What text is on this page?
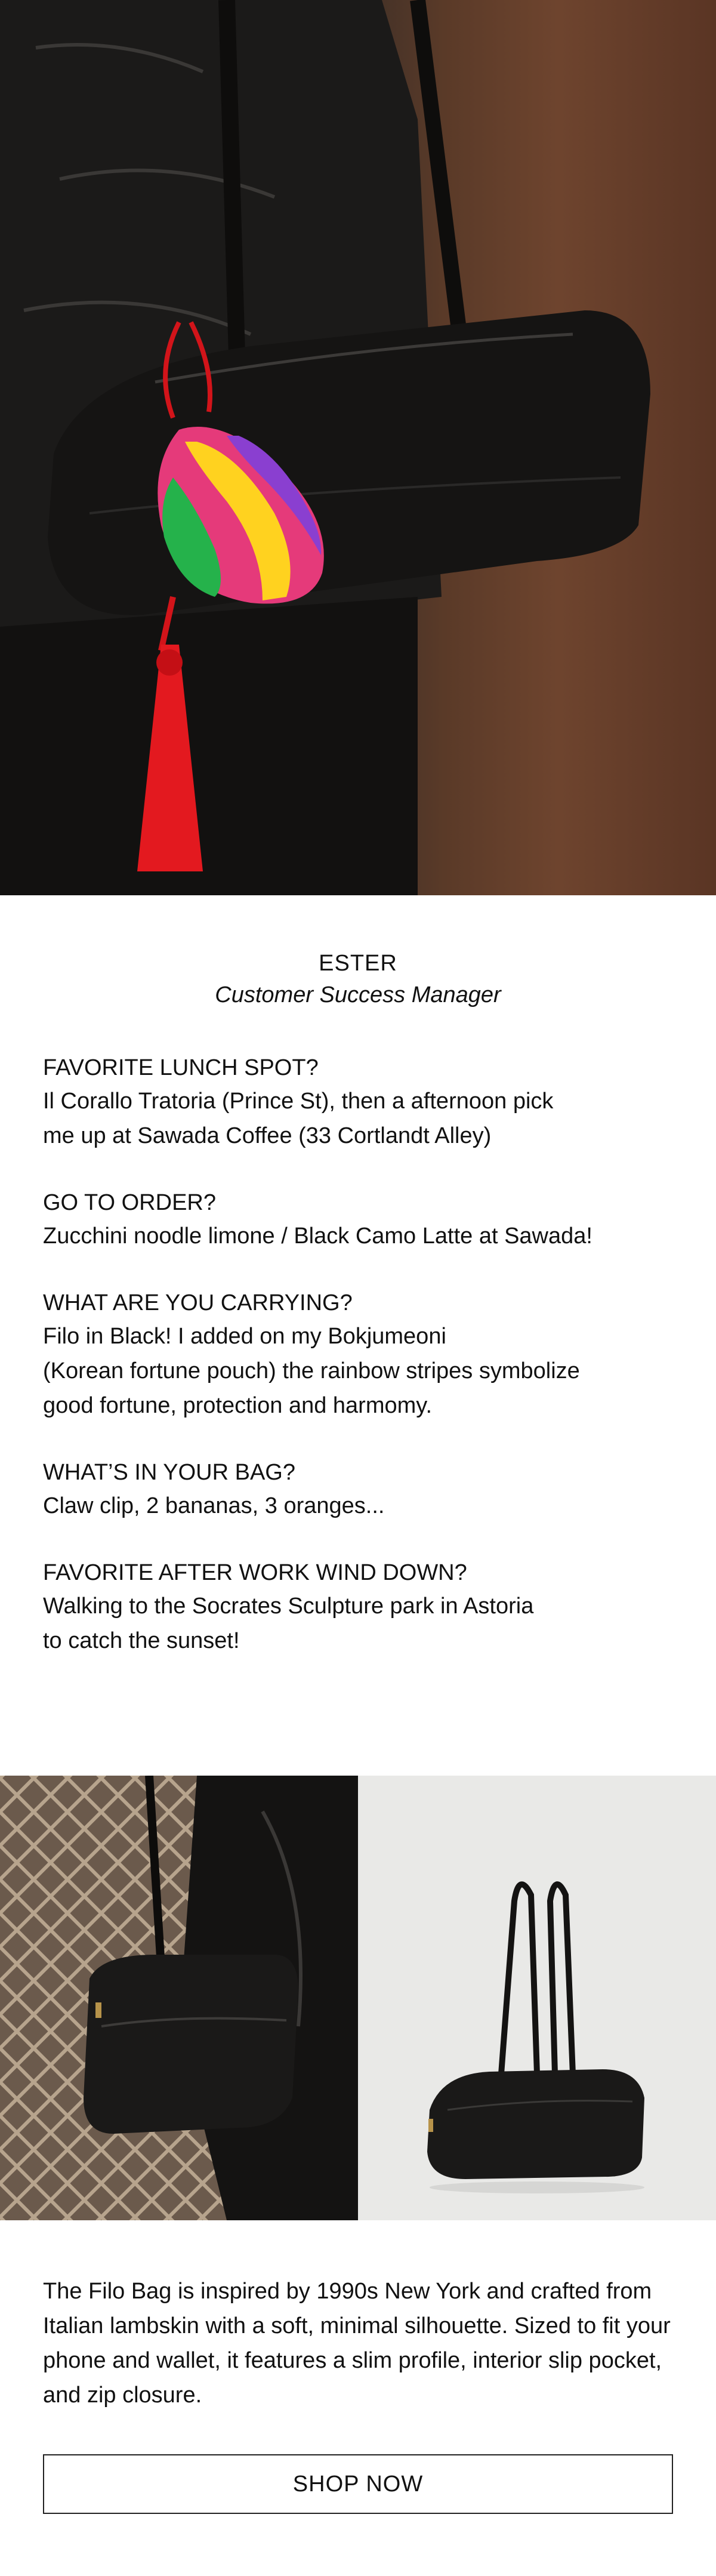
ESTER

Customer Success Manager

FAVORITE LUNCH SPOT?

Il Corallo Tratoria (Prince St), then a afternoon pick
me up at Sawada Coffee (33 Cortlandt Alley)

GO TO ORDER?

Zucchini noodle limone / Black Camo Latte at Sawada!

WHAT ARE YOU CARRYING?

Filo in Black! I added on my Bokjumeoni
(Korean fortune pouch) the rainbow stripes symbolize
good fortune, protection and harmomy.

WHAT’S IN YOUR BAG?

Claw clip, 2 bananas, 3 oranges...

FAVORITE AFTER WORK WIND DOWN?

Walking to the Socrates Sculpture park in Astoria
to catch the sunset!

The Filo Bag is inspired by 1990s New York and crafted from Italian lambskin with a soft, minimal silhouette. Sized to fit your phone and wallet, it features a slim profile, interior slip pocket, and zip closure.

SHOP NOW
